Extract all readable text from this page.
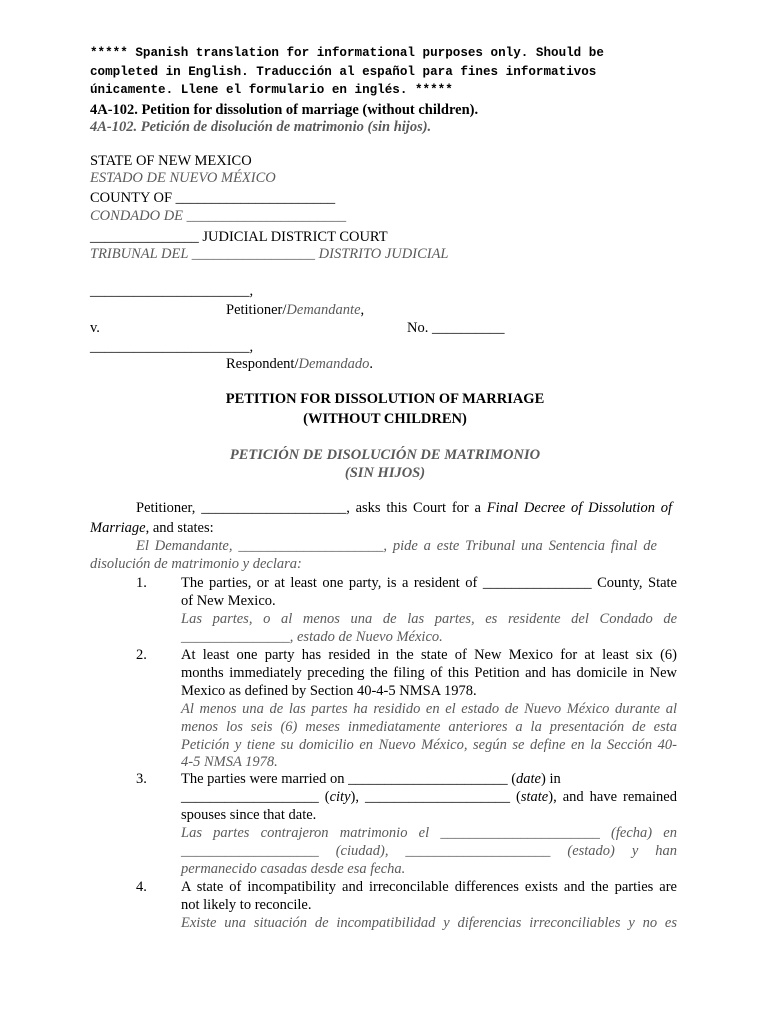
***** Spanish translation for informational purposes only. Should be
completed in English. Traducción al español para fines informativos
únicamente. Llene el formulario en inglés. *****
4A-102. Petition for dissolution of marriage (without children).
4A-102. Petición de disolución de matrimonio (sin hijos).
STATE OF NEW MEXICO
ESTADO DE NUEVO MÉXICO
COUNTY OF ______________________
CONDADO DE ______________________
_______________ JUDICIAL DISTRICT COURT
TRIBUNAL DEL _________________ DISTRITO JUDICIAL
______________________,
Petitioner/Demandante,
v.	No. __________
______________________,
Respondent/Demandado.
PETITION FOR DISSOLUTION OF MARRIAGE
(WITHOUT CHILDREN)
PETICIÓN DE DISOLUCIÓN DE MATRIMONIO
(SIN HIJOS)
Petitioner, ____________________, asks this Court for a Final Decree of Dissolution of
Marriage, and states:
El Demandante, ____________________, pide a este Tribunal una Sentencia final de
disolución de matrimonio y declara:
1. The parties, or at least one party, is a resident of _______________ County, State
of New Mexico.
Las partes, o al menos una de las partes, es residente del Condado de
_______________, estado de Nuevo México.
2. At least one party has resided in the state of New Mexico for at least six (6)
months immediately preceding the filing of this Petition and has domicile in New
Mexico as defined by Section 40-4-5 NMSA 1978.
Al menos una de las partes ha residido en el estado de Nuevo México durante al
menos los seis (6) meses inmediatamente anteriores a la presentación de esta
Petición y tiene su domicilio en Nuevo México, según se define en la Sección 40-
4-5 NMSA 1978.
3. The parties were married on ______________________ (date) in
___________________ (city), ____________________ (state), and have remained
spouses since that date.
Las partes contrajeron matrimonio el ______________________ (fecha) en
___________________ (ciudad), ____________________ (estado) y han
permanecido casadas desde esa fecha.
4. A state of incompatibility and irreconcilable differences exists and the parties are
not likely to reconcile.
Existe una situación de incompatibilidad y diferencias irreconciliables y no es
